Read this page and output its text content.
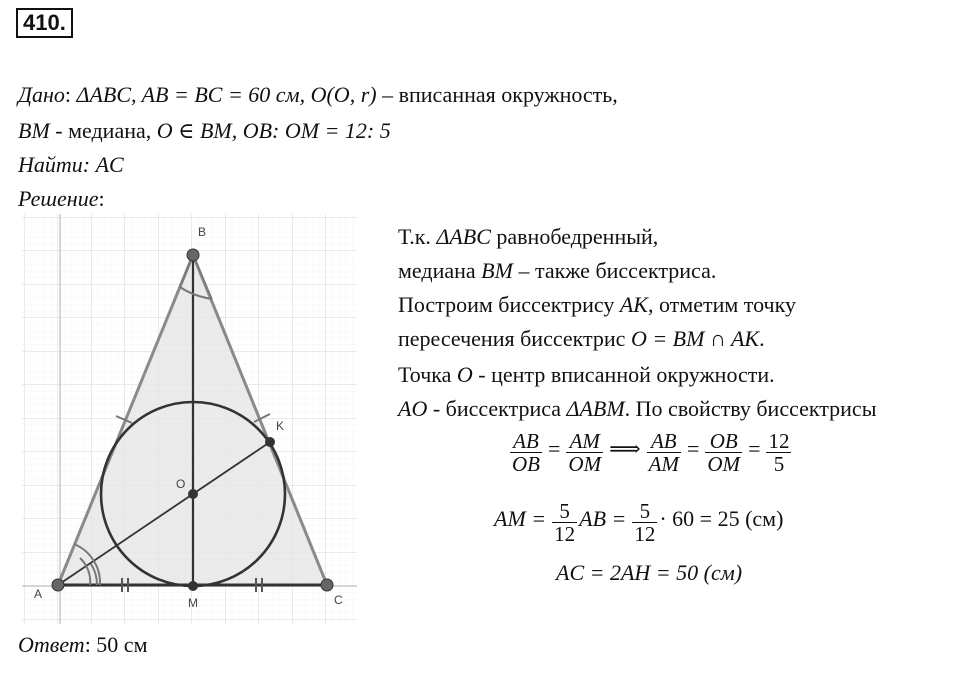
410.
Дано: ΔABC, AB = BC = 60 см, O(O, r) – вписанная окружность,
BM - медиана, O ∈ BM, OB: OM = 12: 5
Найти: AC
Решение:
A
B
C
M
O
K
Т.к. ΔABC равнобедренный,
медиана BM – также биссектриса.
Построим биссектрису AK, отметим точку
пересечения биссектрис O = BM ∩ AK.
Точка O - центр вписанной окружности.
AO - биссектриса ΔABM. По свойству биссектрисы
$\frac{AB}{OB} = \frac{AM}{OM}$ ⟹ $\frac{AB}{AM} = \frac{OB}{OM} = \frac{12}{5}$
AM = $\frac{5}{12}$ AB = $\frac{5}{12} \cdot 60 = 25$ (см)
AC = 2AH = 50 (см)
Ответ: 50 см
